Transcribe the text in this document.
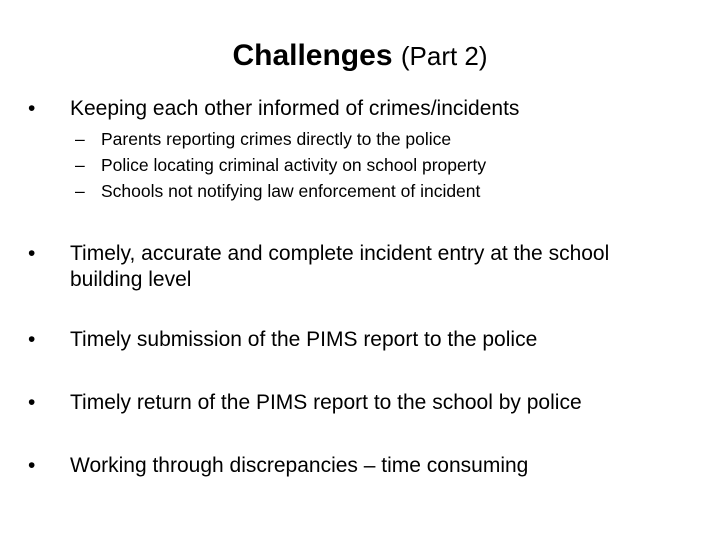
Challenges (Part 2)
•	Keeping each other informed of crimes/incidents
– Parents reporting crimes directly to the police
– Police locating criminal activity on school property
– Schools not notifying law enforcement of incident
•	Timely, accurate and complete incident entry at the school building level
•	Timely submission of the PIMS report to the police
•	Timely return of the PIMS report to the school by police
•	Working through discrepancies – time consuming
